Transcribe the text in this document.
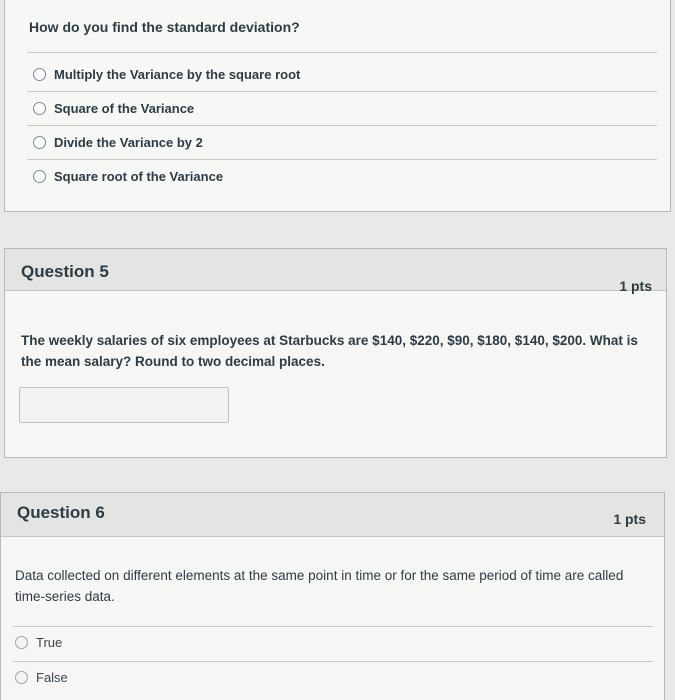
How do you find the standard deviation?
Multiply the Variance by the square root
Square of the Variance
Divide the Variance by 2
Square root of the Variance
Question 5
1 pts
The weekly salaries of six employees at Starbucks are $140, $220, $90, $180, $140, $200. What is the mean salary? Round to two decimal places.
Question 6	1 pts
Data collected on different elements at the same point in time or for the same period of time are called time-series data.
True
False
